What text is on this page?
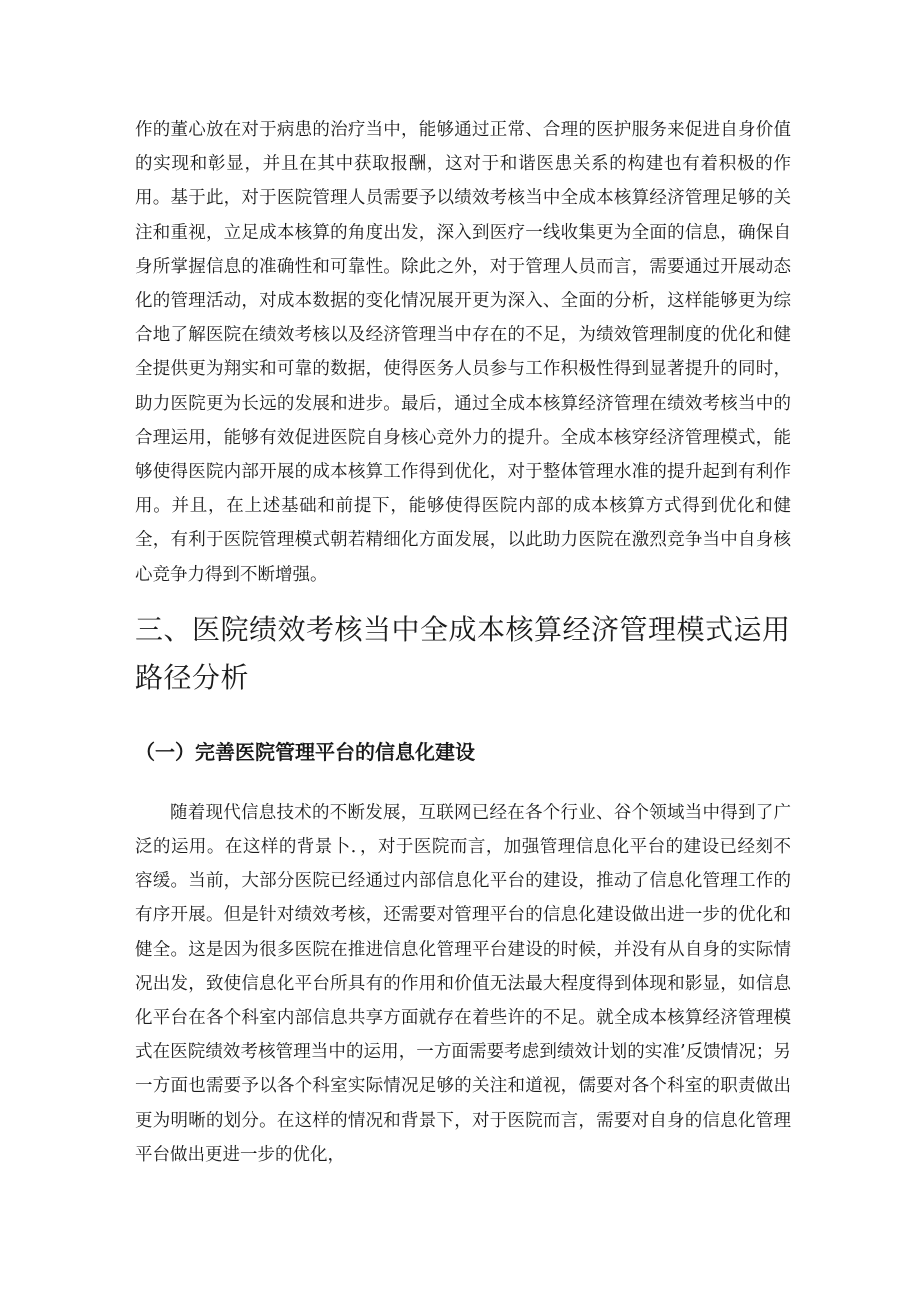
作的董心放在对于病患的治疗当中，能够通过正常、合理的医护服务来促进自身价值的实现和彰显，并且在其中获取报酬，这对于和谐医患关系的构建也有着积极的作用。基于此，对于医院管理人员需要予以绩效考核当中全成本核算经济管理足够的关注和重视，立足成本核算的角度出发，深入到医疗一线收集更为全面的信息，确保自身所掌握信息的准确性和可靠性。除此之外，对于管理人员而言，需要通过开展动态化的管理活动，对成本数据的变化情况展开更为深入、全面的分析，这样能够更为综合地了解医院在绩效考核以及经济管理当中存在的不足，为绩效管理制度的优化和健全提供更为翔实和可靠的数据，使得医务人员参与工作积极性得到显著提升的同时，助力医院更为长远的发展和进步。最后，通过全成本核算经济管理在绩效考核当中的合理运用，能够有效促进医院自身核心竞外力的提升。全成本核穿经济管理模式，能够使得医院内部开展的成本核算工作得到优化，对于整体管理水准的提升起到有利作用。并且，在上述基础和前提下，能够使得医院内部的成本核算方式得到优化和健全，有利于医院管理模式朝若精细化方面发展，以此助力医院在激烈竞争当中自身核心竞争力得到不断增强。

三、医院绩效考核当中全成本核算经济管理模式运用路径分析
（一）完善医院管理平台的信息化建设

随着现代信息技术的不断发展，互联网已经在各个行业、谷个领域当中得到了广泛的运用。在这样的背景卜．，对于医院而言，加强管理信息化平台的建设已经刻不容缓。当前，大部分医院已经通过内部信息化平台的建设，推动了信息化管理工作的有序开展。但是针对绩效考核，还需要对管理平台的信息化建设做出进一步的优化和健全。这是因为很多医院在推进信息化管理平台建设的时候，并没有从自身的实际情况出发，致使信息化平台所具有的作用和价值无法最大程度得到体现和影显，如信息化平台在各个科室内部信息共享方面就存在着些许的不足。就全成本核算经济管理模式在医院绩效考核管理当中的运用，一方面需要考虑到绩效计划的实准’反馈情况；另一方面也需要予以各个科室实际情况足够的关注和道视，儒要对各个科室的职责做出更为明晰的划分。在这样的情况和背景下，对于医院而言，需要对自身的信息化管理平台做出更进一步的优化，
